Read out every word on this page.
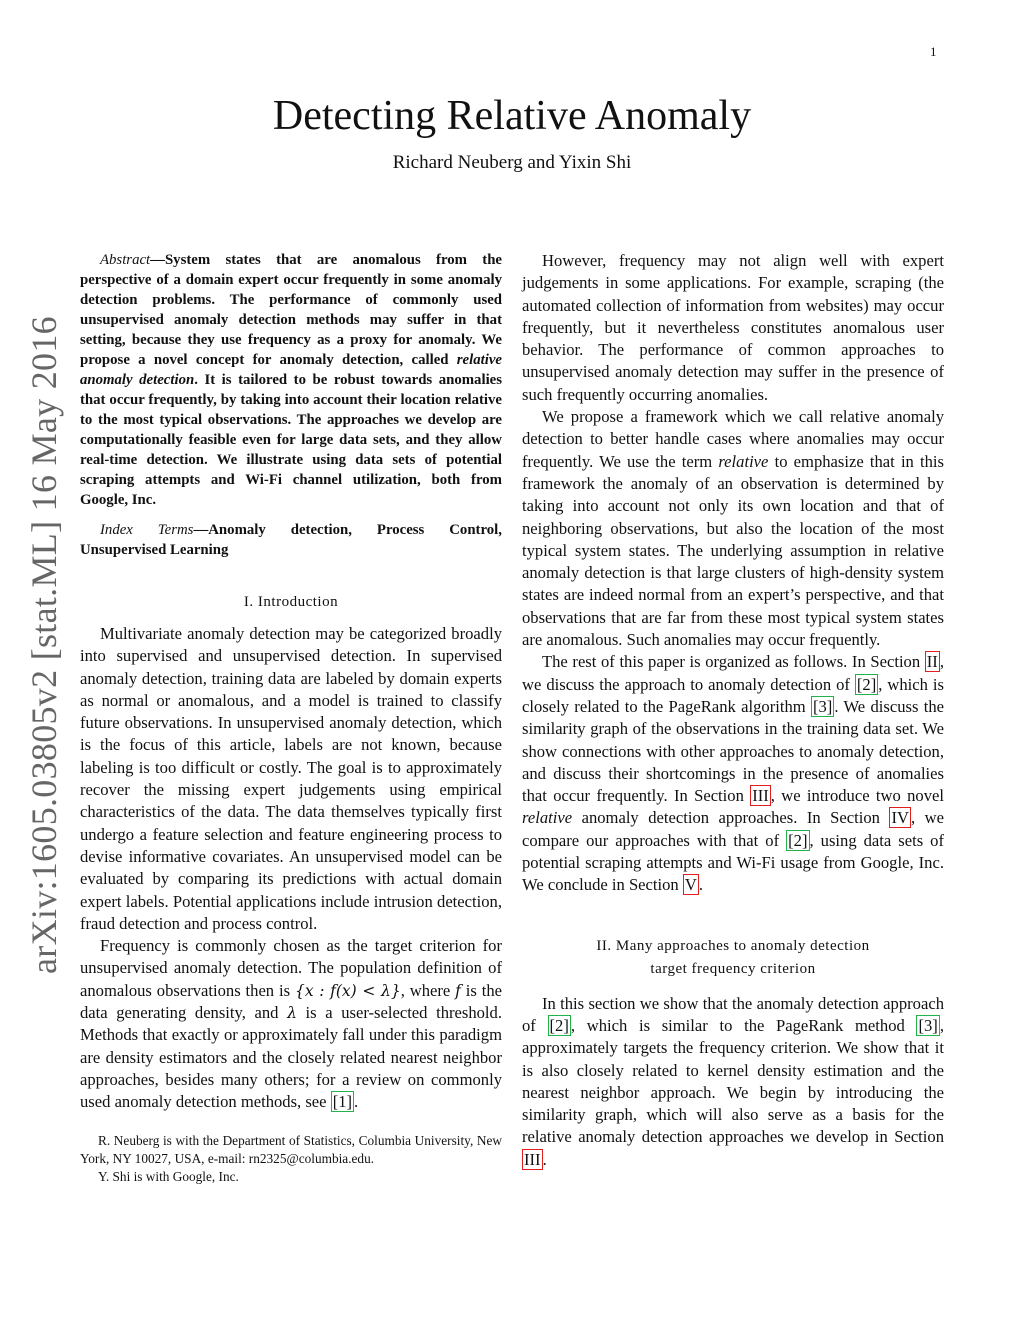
1
arXiv:1605.03805v2 [stat.ML] 16 May 2016
Detecting Relative Anomaly
Richard Neuberg and Yixin Shi

Abstract—System states that are anomalous from the perspective of a domain expert occur frequently in some anomaly detection problems. The performance of commonly used unsupervised anomaly detection methods may suffer in that setting, because they use frequency as a proxy for anomaly. We propose a novel concept for anomaly detection, called relative anomaly detection. It is tailored to be robust towards anomalies that occur frequently, by taking into account their location relative to the most typical observations. The approaches we develop are computationally feasible even for large data sets, and they allow real-time detection. We illustrate using data sets of potential scraping attempts and Wi-Fi channel utilization, both from Google, Inc.

Index Terms—Anomaly detection, Process Control, Unsupervised Learning

I. Introduction

Multivariate anomaly detection may be categorized broadly into supervised and unsupervised detection. In supervised anomaly detection, training data are labeled by domain experts as normal or anomalous, and a model is trained to classify future observations. In unsupervised anomaly detection, which is the focus of this article, labels are not known, because labeling is too difficult or costly. The goal is to approximately recover the missing expert judgements using empirical characteristics of the data. The data themselves typically first undergo a feature selection and feature engineering process to devise informative covariates. An unsupervised model can be evaluated by comparing its predictions with actual domain expert labels. Potential applications include intrusion detection, fraud detection and process control.

Frequency is commonly chosen as the target criterion for unsupervised anomaly detection. The population definition of anomalous observations then is {x : f(x) < λ}, where f is the data generating density, and λ is a user-selected threshold. Methods that exactly or approximately fall under this paradigm are density estimators and the closely related nearest neighbor approaches, besides many others; for a review on commonly used anomaly detection methods, see [1] .

R. Neuberg is with the Department of Statistics, Columbia University, New York, NY 10027, USA, e-mail: rn2325@columbia.edu.

Y. Shi is with Google, Inc.

However, frequency may not align well with expert judgements in some applications. For example, scraping (the automated collection of information from websites) may occur frequently, but it nevertheless constitutes anomalous user behavior. The performance of common approaches to unsupervised anomaly detection may suffer in the presence of such frequently occurring anomalies.

We propose a framework which we call relative anomaly detection to better handle cases where anomalies may occur frequently. We use the term relative to emphasize that in this framework the anomaly of an observation is determined by taking into account not only its own location and that of neighboring observations, but also the location of the most typical system states. The underlying assumption in relative anomaly detection is that large clusters of high-density system states are indeed normal from an expert’s perspective, and that observations that are far from these most typical system states are anomalous. Such anomalies may occur frequently.

The rest of this paper is organized as follows. In Section II , we discuss the approach to anomaly detection of [2] , which is closely related to the PageRank algorithm [3] . We discuss the similarity graph of the observations in the training data set. We show connections with other approaches to anomaly detection, and discuss their shortcomings in the presence of anomalies that occur frequently. In Section III , we introduce two novel relative anomaly detection approaches. In Section IV , we compare our approaches with that of [2] , using data sets of potential scraping attempts and Wi-Fi usage from Google, Inc. We conclude in Section V .

II. Many approaches to anomaly detection
target frequency criterion

In this section we show that the anomaly detection approach of [2] , which is similar to the PageRank method [3] , approximately targets the frequency criterion. We show that it is also closely related to kernel density estimation and the nearest neighbor approach. We begin by introducing the similarity graph, which will also serve as a basis for the relative anomaly detection approaches we develop in Section III .
